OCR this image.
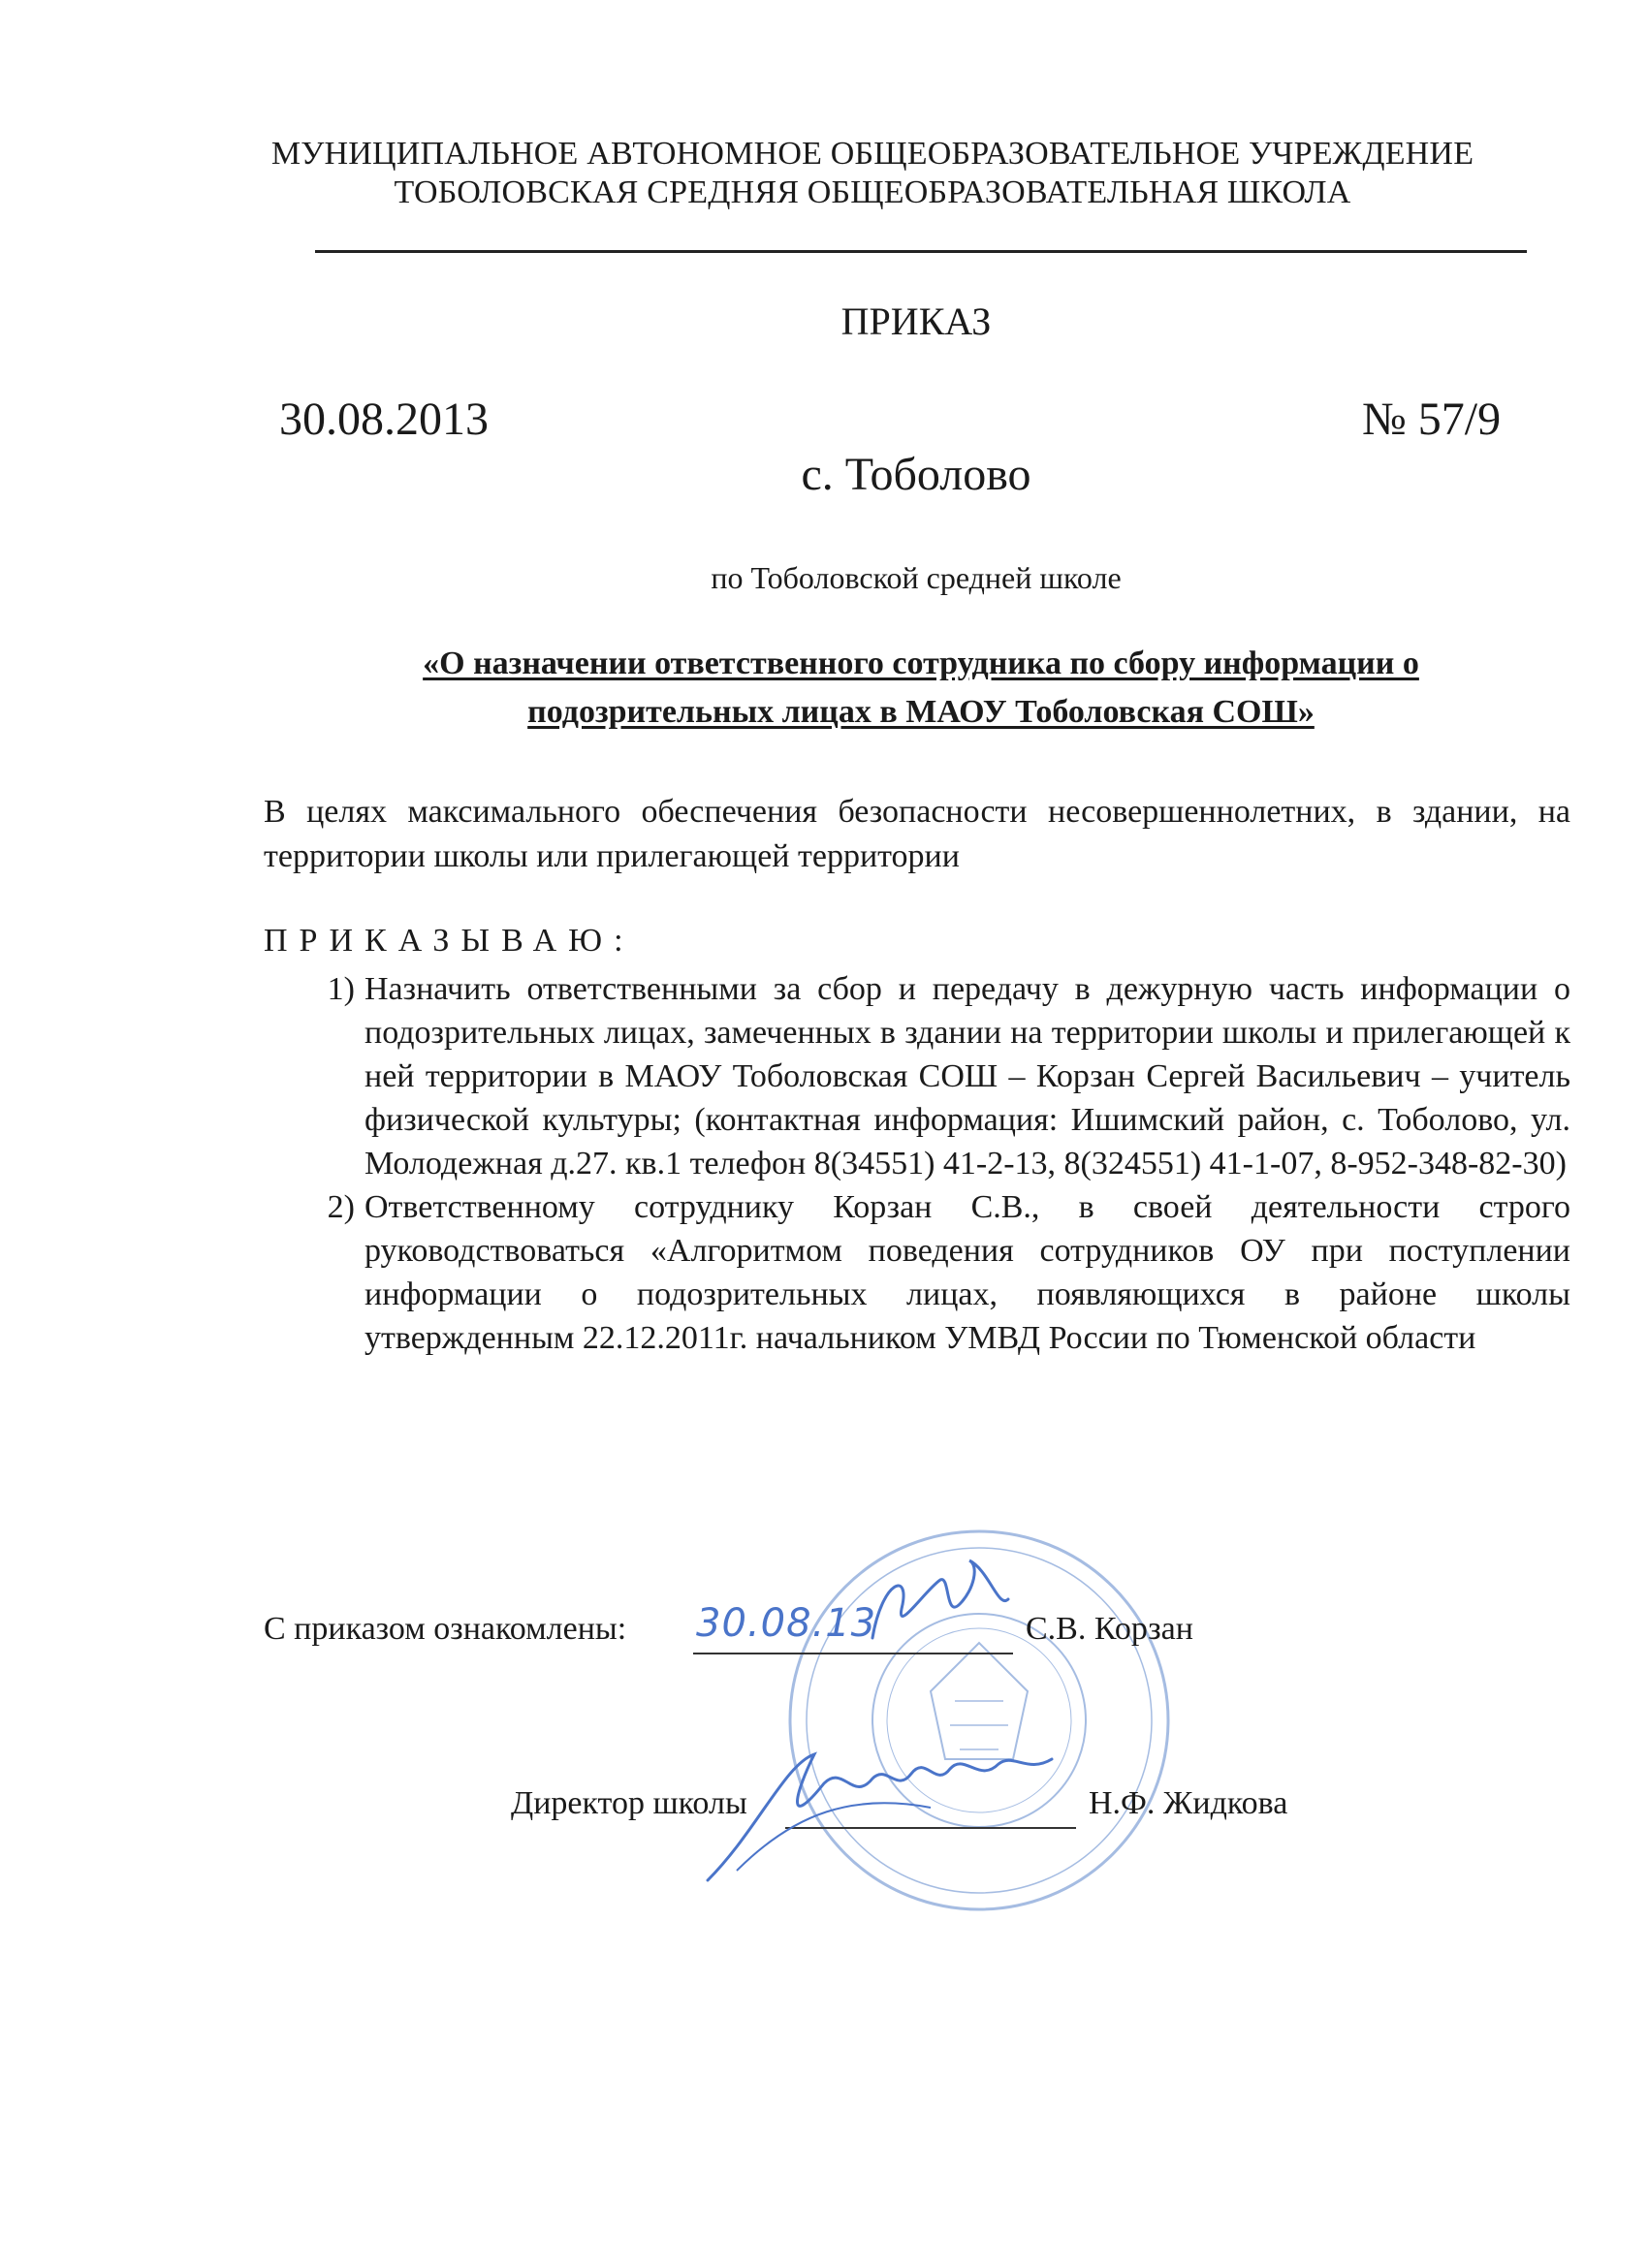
МУНИЦИПАЛЬНОЕ АВТОНОМНОЕ ОБЩЕОБРАЗОВАТЕЛЬНОЕ УЧРЕЖДЕНИЕ
ТОБОЛОВСКАЯ СРЕДНЯЯ ОБЩЕОБРАЗОВАТЕЛЬНАЯ ШКОЛА
ПРИКАЗ
30.08.2013	№ 57/9
с. Тоболово
по Тоболовской средней школе
«О назначении ответственного сотрудника по сбору информации о
подозрительных лицах в МАОУ Тоболовская СОШ»

В целях максимального обеспечения безопасности несовершеннолетних, в здании, на территории школы или прилегающей территории

ПРИКАЗЫВАЮ:
1) Назначить ответственными за сбор и передачу в дежурную часть информации о подозрительных лицах, замеченных в здании на территории школы и прилегающей к ней территории в МАОУ Тоболовская СОШ – Корзан Сергей Васильевич – учитель физической культуры; (контактная информация: Ишимский район, с. Тоболово, ул. Молодежная д.27. кв.1 телефон 8(34551) 41-2-13, 8(324551) 41-1-07, 8-952-348-82-30)
2) Ответственному сотруднику Корзан С.В., в своей деятельности строго руководствоваться «Алгоритмом поведения сотрудников ОУ при поступлении информации о подозрительных лицах, появляющихся в районе школы утвержденным 22.12.2011г. начальником УМВД России по Тюменской области
С приказом ознакомлены: 30.08.13	С.В. Корзан
Директор школы	Н.Ф. Жидкова
